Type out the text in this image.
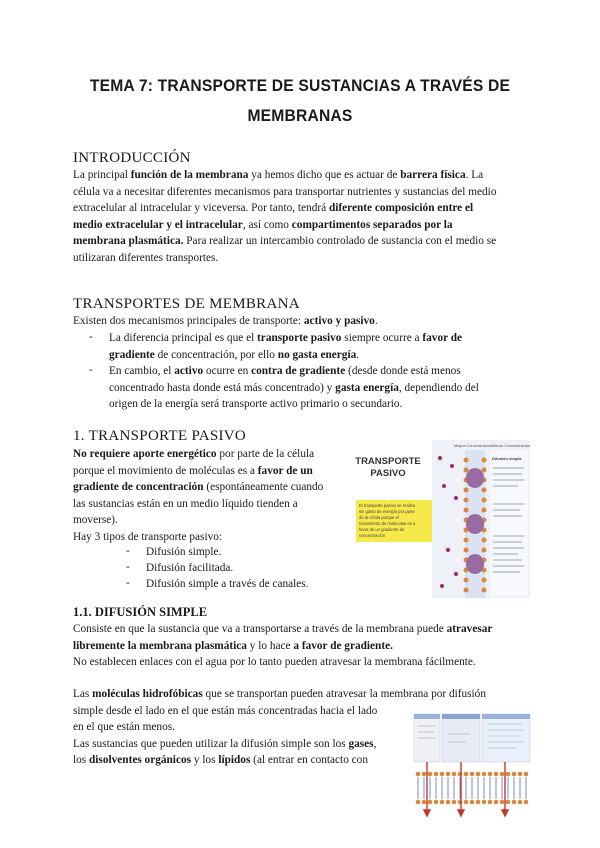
TEMA 7: TRANSPORTE DE SUSTANCIAS A TRAVÉS DE
MEMBRANAS
INTRODUCCIÓN
La principal función de la membrana ya hemos dicho que es actuar de barrera física. La
célula va a necesitar diferentes mecanismos para transportar nutrientes y sustancias del medio
extracelular al intracelular y viceversa. Por tanto, tendrá diferente composición entre el
medio extracelular y el intracelular, así como compartimentos separados por la
membrana plasmática. Para realizar un intercambio controlado de sustancia con el medio se
utilizaran diferentes transportes.
TRANSPORTES DE MEMBRANA
Existen dos mecanismos principales de transporte: activo y pasivo.
- La diferencia principal es que el transporte pasivo siempre ocurre a favor de
gradiente de concentración, por ello no gasta energía.
- En cambio, el activo ocurre en contra de gradiente (desde donde está menos
concentrado hasta donde está más concentrado) y gasta energía, dependiendo del
origen de la energía será transporte activo primario o secundario.
1. TRANSPORTE PASIVO
No requiere aporte energético por parte de la célula
porque el movimiento de moléculas es a favor de un
gradiente de concentración (espontáneamente cuando
las sustancias están en un medio líquido tienden a
moverse).
Hay 3 tipos de transporte pasivo:
- Difusión simple.
- Difusión facilitada.
- Difusión simple a través de canales.
TRANSPORTE
PASIVO
El transporte pasivo se realiza sin gasto de energía por parte de la célula porque el movimiento de moléculas es a favor de un gradiente de concentración
Mayor Concentración Menor Concentración
Difusión simple
1.1. DIFUSIÓN SIMPLE
Consiste en que la sustancia que va a transportarse a través de la membrana puede atravesar
libremente la membrana plasmática y lo hace a favor de gradiente.
No establecen enlaces con el agua por lo tanto pueden atravesar la membrana fácilmente.
Las moléculas hidrofóbicas que se transportan pueden atravesar la membrana por difusión
simple desde el lado en el que están más concentradas hacia el lado
en el que están menos.
Las sustancias que pueden utilizar la difusión simple son los gases,
los disolventes orgánicos y los lípidos (al entrar en contacto con
